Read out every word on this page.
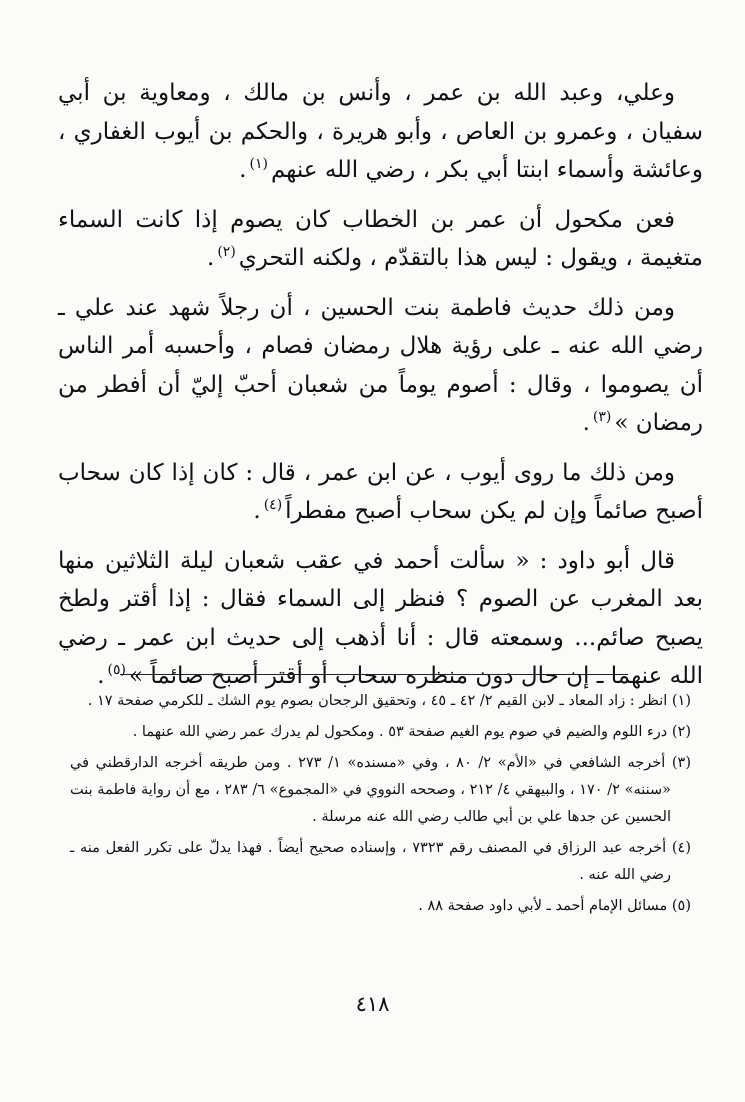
وعلي، وعبد الله بن عمر ، وأنس بن مالك ، ومعاوية بن أبي سفيان ، وعمرو بن العاص ، وأبو هريرة ، والحكم بن أيوب الغفاري ، وعائشة وأسماء ابنتا أبي بكر ، رضي الله عنهم$^{(١)}$.

فعن مكحول أن عمر بن الخطاب كان يصوم إذا كانت السماء متغيمة ، ويقول : ليس هذا بالتقدّم ، ولكنه التحري$^{(٢)}$.

ومن ذلك حديث فاطمة بنت الحسين ، أن رجلاً شهد عند علي ـ رضي الله عنه ـ على رؤية هلال رمضان فصام ، وأحسبه أمر الناس أن يصوموا ، وقال : أصوم يوماً من شعبان أحبّ إليّ أن أفطر من رمضان »$^{(٣)}$.

ومن ذلك ما روى أيوب ، عن ابن عمر ، قال : كان إذا كان سحاب أصبح صائماً وإن لم يكن سحاب أصبح مفطراً$^{(٤)}$.

قال أبو داود : « سألت أحمد في عقب شعبان ليلة الثلاثين منها بعد المغرب عن الصوم ؟ فنظر إلى السماء فقال : إذا أقتر ولطخ يصبح صائم... وسمعته قال : أنا أذهب إلى حديث ابن عمر ـ رضي الله عنهما ـ إن حال دون منظره سحاب أو أقتر أصبح صائماً »$^{(٥)}$.

(١) انظر : زاد المعاد ـ لابن القيم ٢/ ٤٢ ـ ٤٥ ، وتحقيق الرجحان بصوم يوم الشك ـ للكرمي صفحة ١٧ .

(٢) درء اللوم والضيم في صوم يوم الغيم صفحة ٥٣ . ومكحول لم يدرك عمر رضي الله عنهما .

(٣) أخرجه الشافعي في «الأم» ٢/ ٨٠ ، وفي «مسنده» ١/ ٢٧٣ . ومن طريقه أخرجه الدارقطني في «سننه» ٢/ ١٧٠ ، والبيهقي ٤/ ٢١٢ ، وصححه النووي في «المجموع» ٦/ ٢٨٣ ، مع أن رواية فاطمة بنت الحسين عن جدها علي بن أبي طالب رضي الله عنه مرسلة .

(٤) أخرجه عبد الرزاق في المصنف رقم ٧٣٢٣ ، وإسناده صحيح أيضاً . فهذا يدلّ على تكرر الفعل منه ـ رضي الله عنه .

(٥) مسائل الإمام أحمد ـ لأبي داود صفحة ٨٨ .

٤١٨
